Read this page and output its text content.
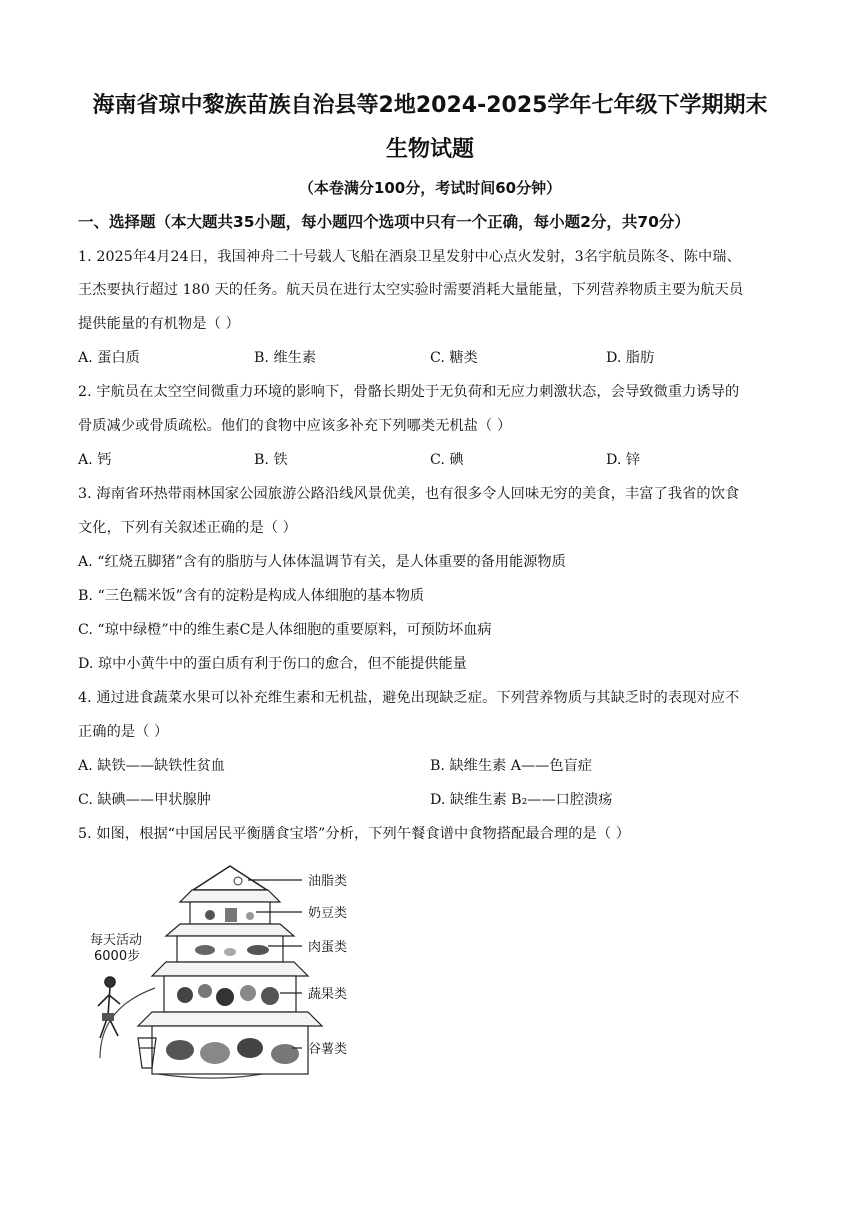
海南省琼中黎族苗族自治县等2地2024-2025学年七年级下学期期末
生物试题
（本卷满分100分，考试时间60分钟）
一、选择题（本大题共35小题，每小题四个选项中只有一个正确，每小题2分，共70分）
1. 2025年4月24日，我国神舟二十号载人飞船在酒泉卫星发射中心点火发射，3名宇航员陈冬、陈中瑞、
王杰要执行超过 180 天的任务。航天员在进行太空实验时需要消耗大量能量，下列营养物质主要为航天员
提供能量的有机物是（ ）
A. 蛋白质	B. 维生素	C. 糖类	D. 脂肪
2. 宇航员在太空空间微重力环境的影响下，骨骼长期处于无负荷和无应力刺激状态，会导致微重力诱导的
骨质减少或骨质疏松。他们的食物中应该多补充下列哪类无机盐（ ）
A. 钙	B. 铁	C. 碘	D. 锌
3. 海南省环热带雨林国家公园旅游公路沿线风景优美，也有很多令人回味无穷的美食，丰富了我省的饮食
文化，下列有关叙述正确的是（ ）
A. “红烧五脚猪”含有的脂肪与人体体温调节有关，是人体重要的备用能源物质
B. “三色糯米饭”含有的淀粉是构成人体细胞的基本物质
C. “琼中绿橙”中的维生素C是人体细胞的重要原料，可预防坏血病
D. 琼中小黄牛中的蛋白质有利于伤口的愈合，但不能提供能量
4. 通过进食蔬菜水果可以补充维生素和无机盐，避免出现缺乏症。下列营养物质与其缺乏时的表现对应不
正确的是（ ）
A. 缺铁——缺铁性贫血	B. 缺维生素 A——色盲症
C. 缺碘——甲状腺肿	D. 缺维生素 B₂——口腔溃疡
5. 如图，根据“中国居民平衡膳食宝塔”分析，下列午餐食谱中食物搭配最合理的是（ ）
油脂类
奶豆类
肉蛋类
蔬果类
谷薯类
每天活动
6000步
